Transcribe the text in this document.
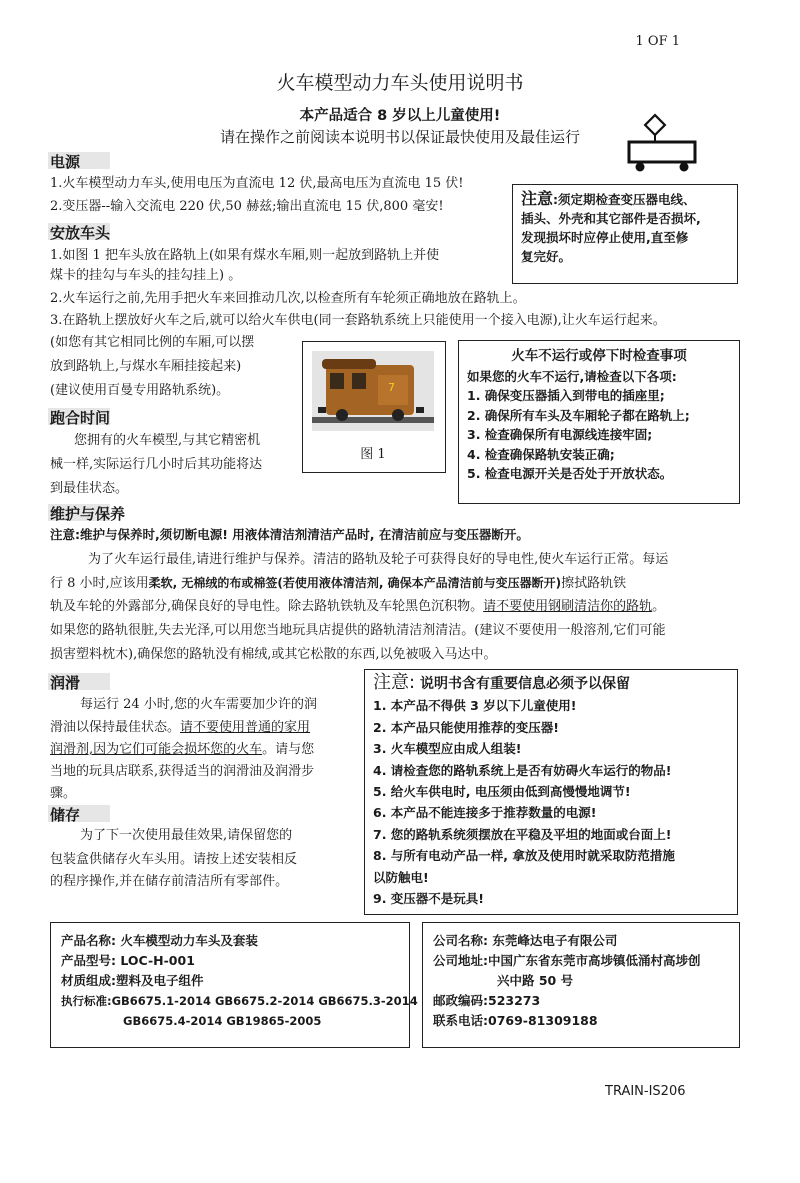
1 OF 1
火车模型动力车头使用说明书
本产品适合 8 岁以上儿童使用!
请在操作之前阅读本说明书以保证最快使用及最佳运行
电源
1.火车模型动力车头,使用电压为直流电 12 伏,最高电压为直流电 15 伏!
2.变压器--输入交流电 220 伏,50 赫兹;输出直流电 15 伏,800 毫安!	注意:须定期检查变压器电线、
插头、外壳和其它部件是否损坏,
发现损坏时应停止使用,直至修
复完好。
安放车头
1.如图 1 把车头放在路轨上(如果有煤水车厢,则一起放到路轨上并使
煤卡的挂勾与车头的挂勾挂上) 。
2.火车运行之前,先用手把火车来回推动几次,以检查所有车轮须正确地放在路轨上。
3.在路轨上摆放好火车之后,就可以给火车供电(同一套路轨系统上只能使用一个接入电源),让火车运行起来。
(如您有其它相同比例的车厢,可以摆
放到路轨上,与煤水车厢挂接起来)
(建议使用百曼专用路轨系统)。	7
图 1
火车不运行或停下时检查事项
如果您的火车不运行,请检查以下各项:
1. 确保变压器插入到带电的插座里;
2. 确保所有车头及车厢轮子都在路轨上;
3. 检查确保所有电源线连接牢固;
4. 检查确保路轨安装正确;
5. 检查电源开关是否处于开放状态。
跑合时间
您拥有的火车模型,与其它精密机
械一样,实际运行几小时后其功能将达
到最佳状态。
维护与保养
注意:维护与保养时,须切断电源! 用液体清洁剂清洁产品时, 在清洁前应与变压器断开。
为了火车运行最佳,请进行维护与保养。清洁的路轨及轮子可获得良好的导电性,使火车运行正常。每运
行 8 小时,应该用柔软, 无棉绒的布或棉签(若使用液体清洁剂, 确保本产品清洁前与变压器断开)擦拭路轨铁
轨及车轮的外露部分,确保良好的导电性。除去路轨铁轨及车轮黑色沉积物。请不要使用钢刷清洁你的路轨。
如果您的路轨很脏,失去光泽,可以用您当地玩具店提供的路轨清洁剂清洁。(建议不要使用一般溶剂,它们可能
损害塑料枕木),确保您的路轨没有棉绒,或其它松散的东西,以免被吸入马达中。
润滑
每运行 24 小时,您的火车需要加少许的润
滑油以保持最佳状态。请不要使用普通的家用
润滑剂,因为它们可能会损坏您的火车。请与您
当地的玩具店联系,获得适当的润滑油及润滑步
骤。
储存
为了下一次使用最佳效果,请保留您的
包装盒供储存火车头用。请按上述安装相反
的程序操作,并在储存前清洁所有零部件。
注意: 说明书含有重要信息必须予以保留
1. 本产品不得供 3 岁以下儿童使用!
2. 本产品只能使用推荐的变压器!
3. 火车模型应由成人组装!
4. 请检查您的路轨系统上是否有妨碍火车运行的物品!
5. 给火车供电时, 电压须由低到高慢慢地调节!
6. 本产品不能连接多于推荐数量的电源!
7. 您的路轨系统须摆放在平稳及平坦的地面或台面上!
8. 与所有电动产品一样, 拿放及使用时就采取防范措施
以防触电!
9. 变压器不是玩具!
产品名称: 火车模型动力车头及套装
产品型号: LOC-H-001
材质组成:塑料及电子组件
执行标准:GB6675.1-2014 GB6675.2-2014 GB6675.3-2014
GB6675.4-2014 GB19865-2005
公司名称: 东莞峰达电子有限公司
公司地址:中国广东省东莞市高埗镇低涌村高埗创
兴中路 50 号
邮政编码:523273
联系电话:0769-81309188
TRAIN-IS206
